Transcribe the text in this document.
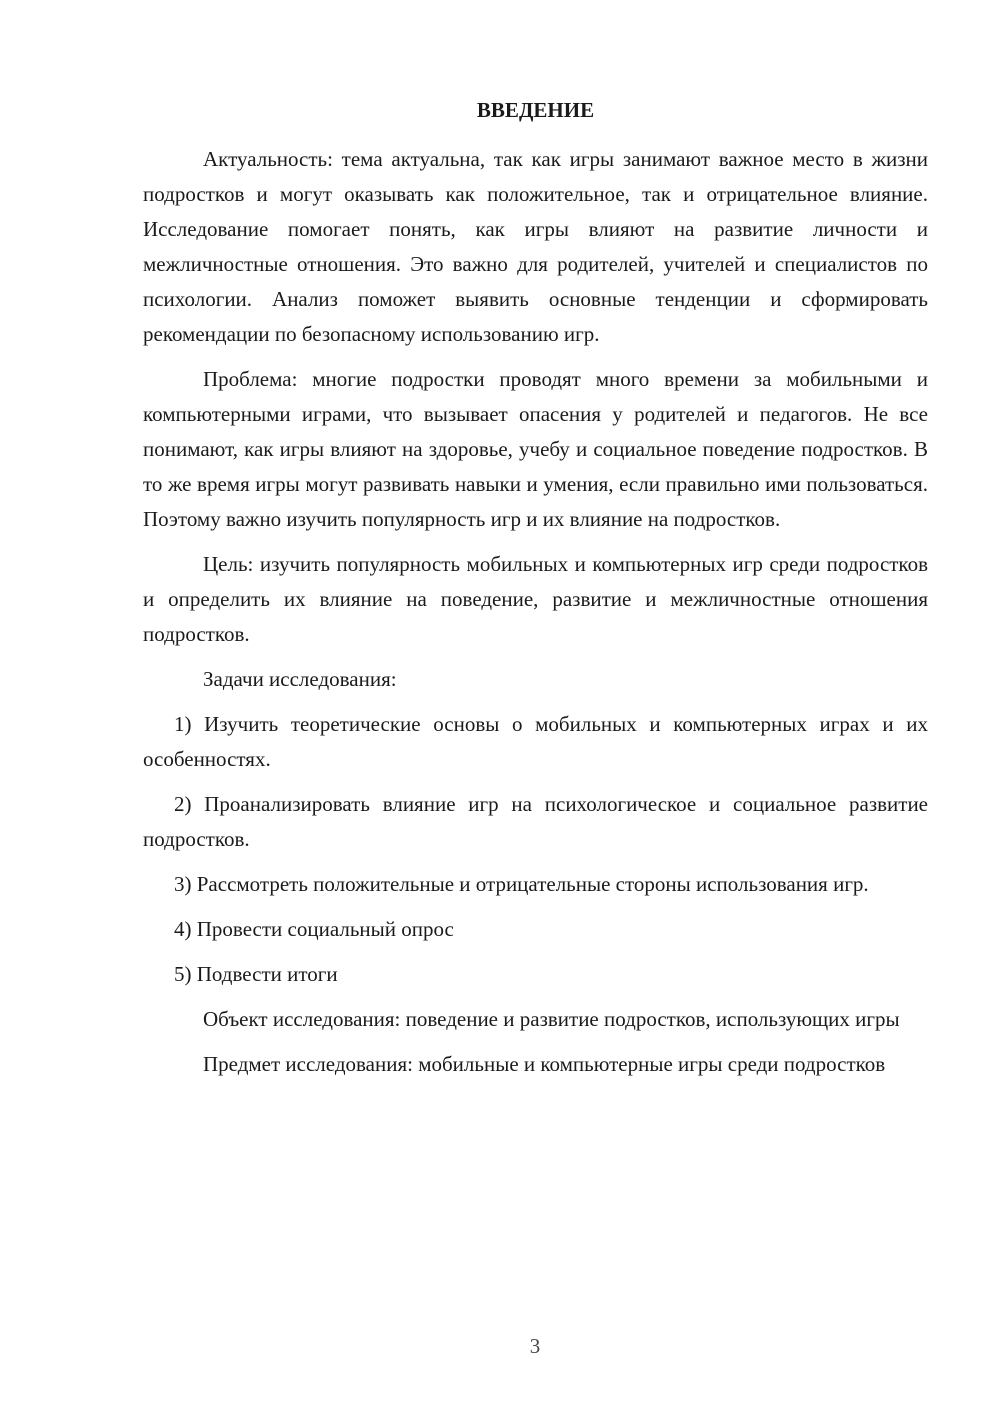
ВВЕДЕНИЕ

Актуальность: тема актуальна, так как игры занимают важное место в жизни подростков и могут оказывать как положительное, так и отрицательное влияние. Исследование помогает понять, как игры влияют на развитие личности и межличностные отношения. Это важно для родителей, учителей и специалистов по психологии. Анализ поможет выявить основные тенденции и сформировать рекомендации по безопасному использованию игр.

Проблема: многие подростки проводят много времени за мобильными и компьютерными играми, что вызывает опасения у родителей и педагогов. Не все понимают, как игры влияют на здоровье, учебу и социальное поведение подростков. В то же время игры могут развивать навыки и умения, если правильно ими пользоваться. Поэтому важно изучить популярность игр и их влияние на подростков.

Цель: изучить популярность мобильных и компьютерных игр среди подростков и определить их влияние на поведение, развитие и межличностные отношения подростков.

Задачи исследования:

1) Изучить теоретические основы о мобильных и компьютерных играх и их особенностях.

2) Проанализировать влияние игр на психологическое и социальное развитие подростков.

3) Рассмотреть положительные и отрицательные стороны использования игр.

4) Провести социальный опрос

5) Подвести итоги

Объект исследования: поведение и развитие подростков, использующих игры

Предмет исследования: мобильные и компьютерные игры среди подростков

3
